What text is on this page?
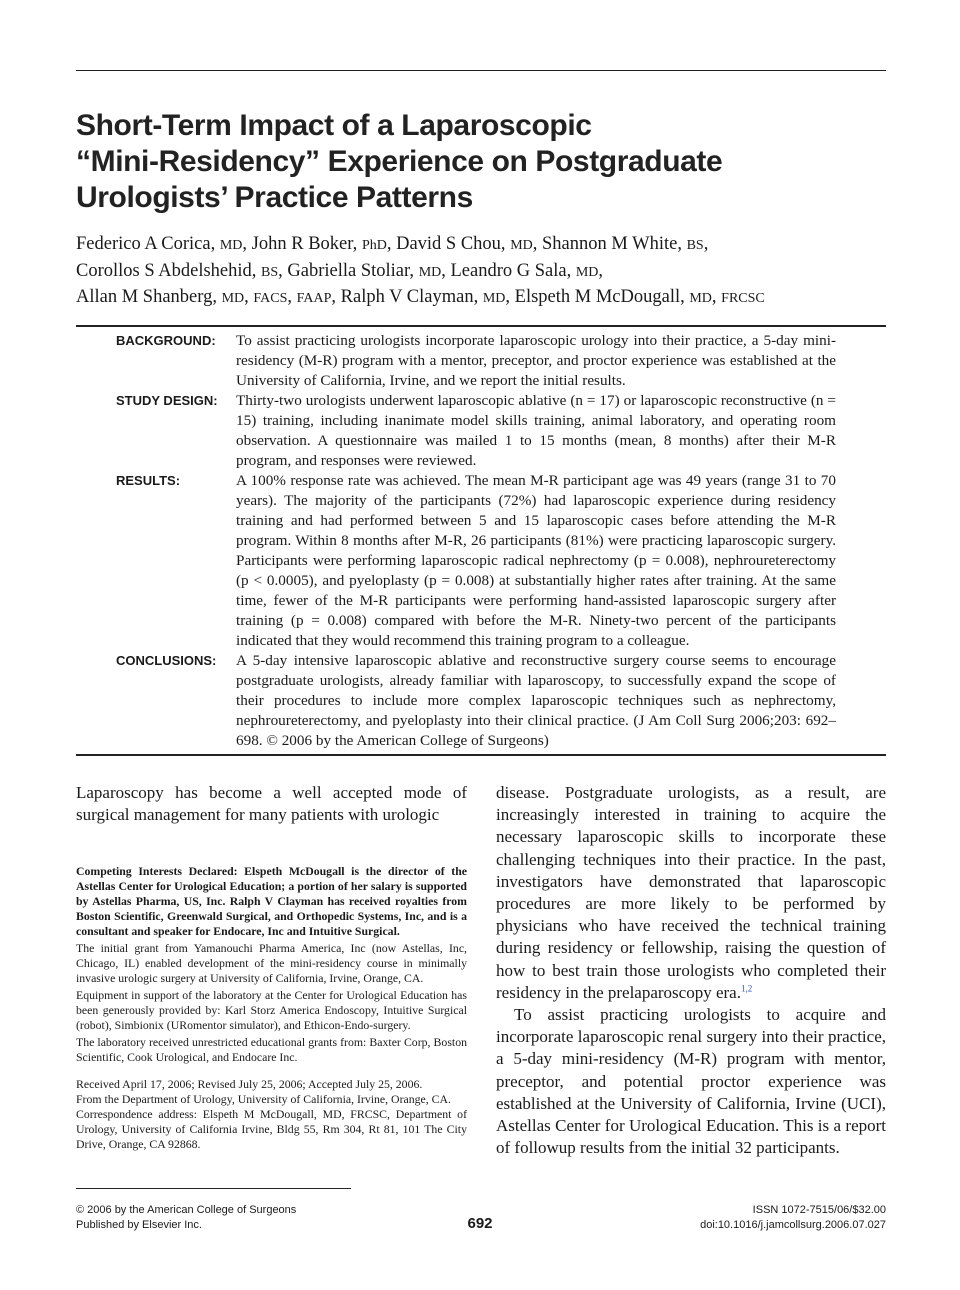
Short-Term Impact of a Laparoscopic
“Mini-Residency” Experience on Postgraduate
Urologists’ Practice Patterns
Federico A Corica, MD, John R Boker, PhD, David S Chou, MD, Shannon M White, BS,
Corollos S Abdelshehid, BS, Gabriella Stoliar, MD, Leandro G Sala, MD,
Allan M Shanberg, MD, FACS, FAAP, Ralph V Clayman, MD, Elspeth M McDougall, MD, FRCSC
BACKGROUND:	To assist practicing urologists incorporate laparoscopic urology into their practice, a 5-day mini-residency (M-R) program with a mentor, preceptor, and proctor experience was established at the University of California, Irvine, and we report the initial results.

STUDY DESIGN:	Thirty-two urologists underwent laparoscopic ablative (n = 17) or laparoscopic reconstructive (n = 15) training, including inanimate model skills training, animal laboratory, and operating room observation. A questionnaire was mailed 1 to 15 months (mean, 8 months) after their M-R program, and responses were reviewed.

RESULTS:	A 100% response rate was achieved. The mean M-R participant age was 49 years (range 31 to 70 years). The majority of the participants (72%) had laparoscopic experience during residency training and had performed between 5 and 15 laparoscopic cases before attending the M-R program. Within 8 months after M-R, 26 participants (81%) were practicing laparoscopic surgery. Participants were performing laparoscopic radical nephrectomy (p = 0.008), nephroureterectomy (p < 0.0005), and pyeloplasty (p = 0.008) at substantially higher rates after training. At the same time, fewer of the M-R participants were performing hand-assisted laparoscopic surgery after training (p = 0.008) compared with before the M-R. Ninety-two percent of the participants indicated that they would recommend this training program to a colleague.

CONCLUSIONS:	A 5-day intensive laparoscopic ablative and reconstructive surgery course seems to encourage postgraduate urologists, already familiar with laparoscopy, to successfully expand the scope of their procedures to include more complex laparoscopic techniques such as nephrectomy, nephroureterectomy, and pyeloplasty into their clinical practice. (J Am Coll Surg 2006;203: 692–698. © 2006 by the American College of Surgeons)

Laparoscopy has become a well accepted mode of surgical management for many patients with urologic

Competing Interests Declared: Elspeth McDougall is the director of the Astellas Center for Urological Education; a portion of her salary is supported by Astellas Pharma, US, Inc. Ralph V Clayman has received royalties from Boston Scientific, Greenwald Surgical, and Orthopedic Systems, Inc, and is a consultant and speaker for Endocare, Inc and Intuitive Surgical.

The initial grant from Yamanouchi Pharma America, Inc (now Astellas, Inc, Chicago, IL) enabled development of the mini-residency course in minimally invasive urologic surgery at University of California, Irvine, Orange, CA.

Equipment in support of the laboratory at the Center for Urological Education has been generously provided by: Karl Storz America Endoscopy, Intuitive Surgical (robot), Simbionix (URomentor simulator), and Ethicon-Endo-surgery.

The laboratory received unrestricted educational grants from: Baxter Corp, Boston Scientific, Cook Urological, and Endocare Inc.

Received April 17, 2006; Revised July 25, 2006; Accepted July 25, 2006.

From the Department of Urology, University of California, Irvine, Orange, CA.

Correspondence address: Elspeth M McDougall, MD, FRCSC, Department of Urology, University of California Irvine, Bldg 55, Rm 304, Rt 81, 101 The City Drive, Orange, CA 92868.

disease. Postgraduate urologists, as a result, are increasingly interested in training to acquire the necessary laparoscopic skills to incorporate these challenging techniques into their practice. In the past, investigators have demonstrated that laparoscopic procedures are more likely to be performed by physicians who have received the technical training during residency or fellowship, raising the question of how to best train those urologists who completed their residency in the prelaparoscopy era.$^{1,2}$

To assist practicing urologists to acquire and incorporate laparoscopic renal surgery into their practice, a 5-day mini-residency (M-R) program with mentor, preceptor, and potential proctor experience was established at the University of California, Irvine (UCI), Astellas Center for Urological Education. This is a report of followup results from the initial 32 participants.

© 2006 by the American College of Surgeons
Published by Elsevier Inc.	692
ISSN 1072-7515/06/$32.00
doi:10.1016/j.jamcollsurg.2006.07.027
